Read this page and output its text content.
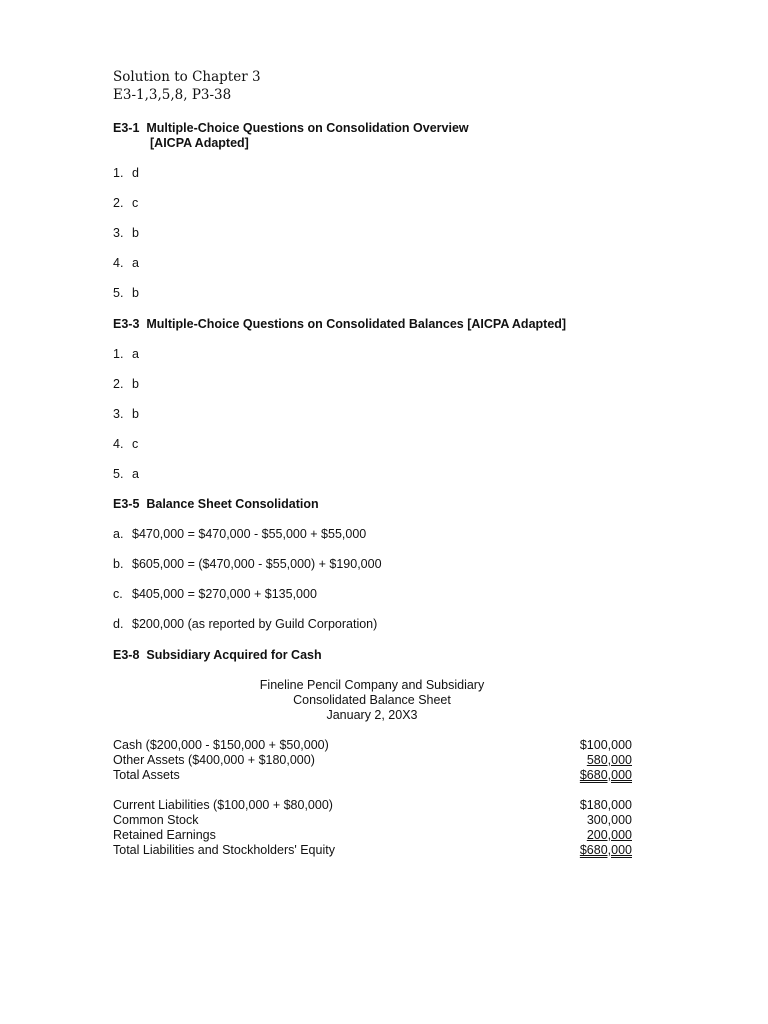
Solution to Chapter 3
E3-1,3,5,8, P3-38
E3-1 Multiple-Choice Questions on Consolidation Overview
[AICPA Adapted]
1. d
2. c
3. b
4. a
5. b
E3-3 Multiple-Choice Questions on Consolidated Balances [AICPA Adapted]
1. a
2. b
3. b
4. c
5. a
E3-5 Balance Sheet Consolidation
a. $470,000 = $470,000 - $55,000 + $55,000
b. $605,000 = ($470,000 - $55,000) + $190,000
c. $405,000 = $270,000 + $135,000
d. $200,000 (as reported by Guild Corporation)
E3-8 Subsidiary Acquired for Cash
Fineline Pencil Company and Subsidiary
Consolidated Balance Sheet
January 2, 20X3
Cash ($200,000 - $150,000 + $50,000)	$100,000
Other Assets ($400,000 + $180,000)	580,000
Total Assets	$680,000
Current Liabilities ($100,000 + $80,000)	$180,000
Common Stock	300,000
Retained Earnings	200,000
Total Liabilities and Stockholders' Equity	$680,000
